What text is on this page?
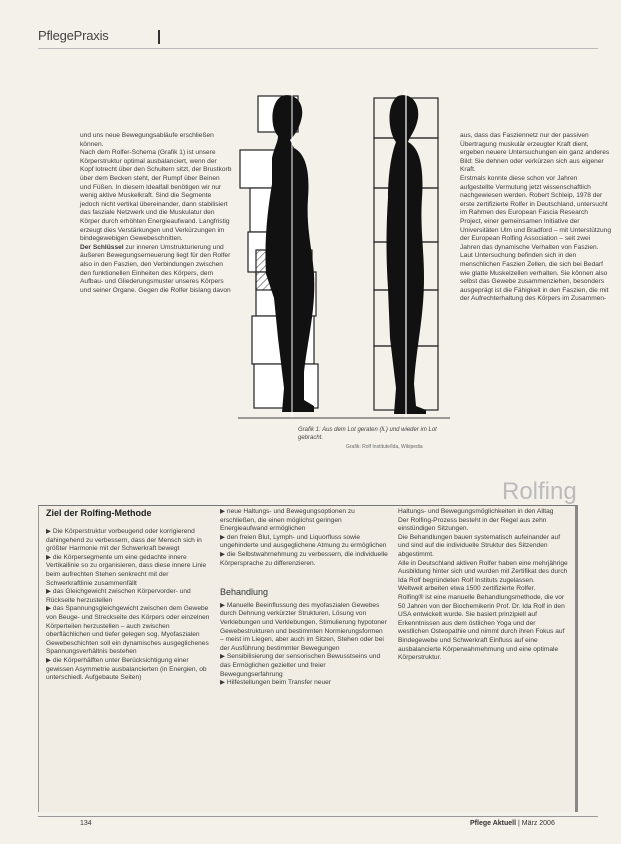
PflegePraxis

und uns neue Bewegungsabläufe erschließen können.

Nach dem Rolfer-Schema (Grafik 1) ist unsere Körperstruktur optimal ausbalanciert, wenn der Kopf lotrecht über den Schultern sitzt, der Brustkorb über dem Becken steht, der Rumpf über Beinen und Füßen. In diesem Idealfall benötigen wir nur wenig aktive Muskelkraft. Sind die Segmente jedoch nicht vertikal übereinander, dann stabilisiert das fasziale Netzwerk und die Muskulatur den Körper durch erhöhten Energieaufwand. Langfristig erzeugt dies Verstärkungen und Verkürzungen im bindegewebigen Gewebeschnitten.

Der Schlüssel zur inneren Umstrukturierung und äußeren Bewegungserneuerung liegt für den Rolfer also in den Faszien, den Verbindungen zwischen den funktionellen Einheiten des Körpers, dem Aufbau- und Gliederungsmuster unseres Körpers und seiner Organe. Gegen die Rolfer bislang davon

Grafik 1: Aus dem Lot geraten (li.) und wieder im Lot gebracht.
Grafik: Rolf Institute/Ida, Wikipedia

aus, dass das Fasziennetz nur der passiven Übertragung muskulär erzeugter Kraft dient, ergeben neuere Untersuchungen ein ganz anderes Bild: Sie dehnen oder verkürzen sich aus eigener Kraft.

Erstmals konnte diese schon vor Jahren aufgestellte Vermutung jetzt wissenschaftlich nachgewiesen werden. Robert Schleip, 1978 der erste zertifizierte Rolfer in Deutschland, untersucht im Rahmen des European Fascia Research Project, einer gemeinsamen Initiative der Universitäten Ulm und Bradford – mit Unterstützung der European Rolfing Association – seit zwei Jahren das dynamische Verhalten von Faszien. Laut Untersuchung befinden sich in den menschlichen Faszien Zellen, die sich bei Bedarf wie glatte Muskelzellen verhalten. Sie können also selbst das Gewebe zusammenziehen, besonders ausgeprägt ist die Fähigkeit in den Faszien, die mit der Aufrechterhaltung des Körpers im Zusammen-

Rolfing
Ziel der Rolfing-Methode

▶ Die Körperstruktur vorbeugend oder korrigierend dahingehend zu verbessern, dass der Mensch sich in größter Harmonie mit der Schwerkraft bewegt

▶ die Körpersegmente um eine gedachte innere Vertikallinie so zu organisieren, dass diese innere Linie beim aufrechten Stehen senkrecht mit der Schwerkraftlinie zusammenfällt

▶ das Gleichgewicht zwischen Körpervorder- und Rückseite herzustellen

▶ das Spannungsgleichgewicht zwischen dem Gewebe von Beuge- und Streckseite des Körpers oder einzelnen Körperteilen herzustellen – auch zwischen oberflächlichen und tiefer gelegen sog. Myofaszialen Gewebeschichten soll ein dynamisches ausgeglichenes Spannungsverhältnis bestehen

▶ die Körperhälften unter Berücksichtigung einer gewissen Asymmetrie ausbalancierten (in Energien, ob unterschiedl. Aufgebaute Seiten)

▶ neue Haltungs- und Bewegungsoptionen zu erschließen, die einen möglichst geringen Energieaufwand ermöglichen

▶ den freien Blut, Lymph- und Liquorfluss sowie ungehinderte und ausgeglichene Atmung zu ermöglichen

▶ die Selbstwahrnehmung zu verbessern, die individuelle Körpersprache zu differenzieren.

Behandlung

▶ Manuelle Beeinflussung des myofaszialen Gewebes durch Dehnung verkürzter Strukturen, Lösung von Verklebungen und Verklebungen, Stimulierung hypotoner Gewebestrukturen und bestimmten Normierungsformen – meist im Liegen, aber auch im Sitzen, Stehen oder bei der Ausführung bestimmter Bewegungen

▶ Sensibilisierung der sensorischen Bewusstseins und das Ermöglichen gezielter und freier Bewegungserfahrung

▶ Hilfestellungen beim Transfer neuer

Haltungs- und Bewegungsmöglichkeiten in den Alltag

Der Rolfing-Prozess besteht in der Regel aus zehn einstündigen Sitzungen.

Die Behandlungen bauen systematisch aufeinander auf und sind auf die individuelle Struktur des Sitzenden abgestimmt.

Alle in Deutschland aktiven Rolfer haben eine mehrjährige Ausbildung hinter sich und wurden mit Zertifikat des durch Ida Rolf begründeten Rolf Instituts zugelassen.

Weltweit arbeiten etwa 1500 zertifizierte Rolfer.

Rolfing® ist eine manuelle Behandlungsmethode, die vor 50 Jahren von der Biochemikerin Prof. Dr. Ida Rolf in den USA entwickelt wurde. Sie basiert prinzipiell auf Erkenntnissen aus dem östlichen Yoga und der westlichen Osteopathie und nimmt durch ihren Fokus auf Bindegewebe und Schwerkraft Einfluss auf eine ausbalancierte Körperwahrnehmung und eine optimale Körperstruktur.

134	Pflege Aktuell | März 2006
